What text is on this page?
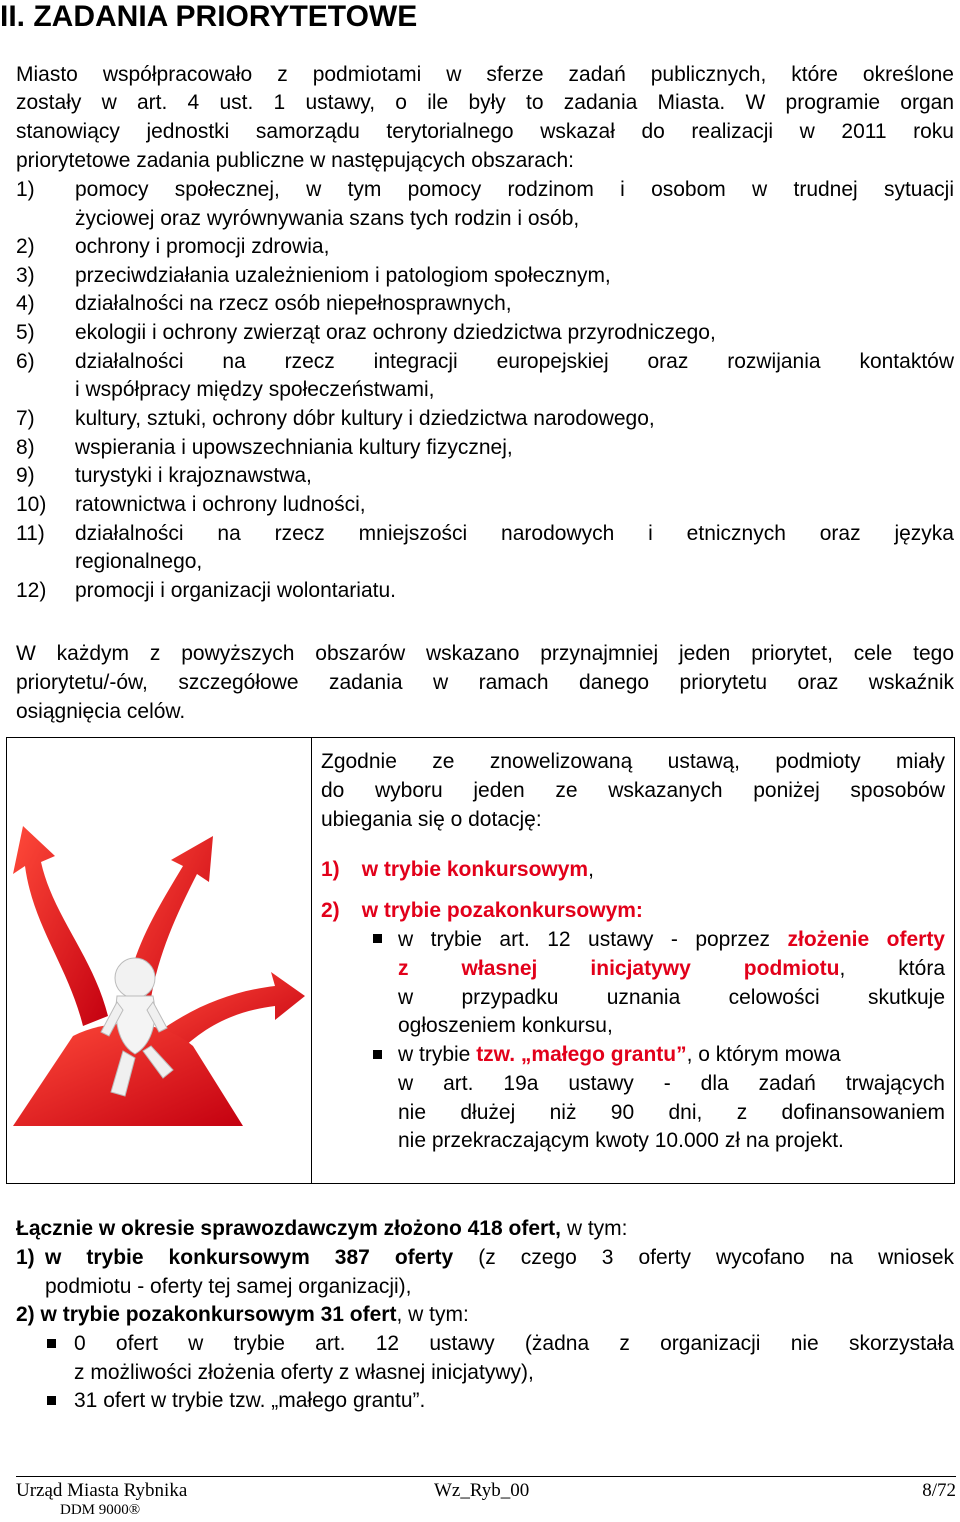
II. ZADANIA PRIORYTETOWE
Miasto współpracowało z podmiotami w sferze zadań publicznych, które określone
zostały w art. 4 ust. 1 ustawy, o ile były to zadania Miasta. W programie organ
stanowiący jednostki samorządu terytorialnego wskazał do realizacji w 2011 roku
priorytetowe zadania publiczne w następujących obszarach:
1) pomocy społecznej, w tym pomocy rodzinom i osobom w trudnej sytuacji
życiowej oraz wyrównywania szans tych rodzin i osób,
2) ochrony i promocji zdrowia,
3) przeciwdziałania uzależnieniom i patologiom społecznym,
4) działalności na rzecz osób niepełnosprawnych,
5) ekologii i ochrony zwierząt oraz ochrony dziedzictwa przyrodniczego,
6) działalności na rzecz integracji europejskiej oraz rozwijania kontaktów
i współpracy między społeczeństwami,
7) kultury, sztuki, ochrony dóbr kultury i dziedzictwa narodowego,
8) wspierania i upowszechniania kultury fizycznej,
9) turystyki i krajoznawstwa,
10) ratownictwa i ochrony ludności,
11) działalności na rzecz mniejszości narodowych i etnicznych oraz języka
regionalnego,
12) promocji i organizacji wolontariatu.
W każdym z powyższych obszarów wskazano przynajmniej jeden priorytet, cele tego
priorytetu/-ów, szczegółowe zadania w ramach danego priorytetu oraz wskaźnik
osiągnięcia celów.
Zgodnie ze znowelizowaną ustawą, podmioty miały
do wyboru jeden ze wskazanych poniżej sposobów
ubiegania się o dotację:
1) w trybie konkursowym,
2) w trybie pozakonkursowym:
w trybie art. 12 ustawy - poprzez złożenie oferty
z własnej inicjatywy podmiotu, która
w przypadku uznania celowości skutkuje
ogłoszeniem konkursu,
w trybie tzw. „małego grantu”, o którym mowa
w art. 19a ustawy - dla zadań trwających
nie dłużej niż 90 dni, z dofinansowaniem
nie przekraczającym kwoty 10.000 zł na projekt.
Łącznie w okresie sprawozdawczym złożono 418 ofert, w tym:
1) w trybie konkursowym 387 oferty (z czego 3 oferty wycofano na wniosek
podmiotu - oferty tej samej organizacji),
2) w trybie pozakonkursowym 31 ofert, w tym:
0 ofert w trybie art. 12 ustawy (żadna z organizacji nie skorzystała
z możliwości złożenia oferty z własnej inicjatywy),
31 ofert w trybie tzw. „małego grantu”.
Urząd Miasta Rybnika
DDM 9000®
Wz_Ryb_00	8/72
